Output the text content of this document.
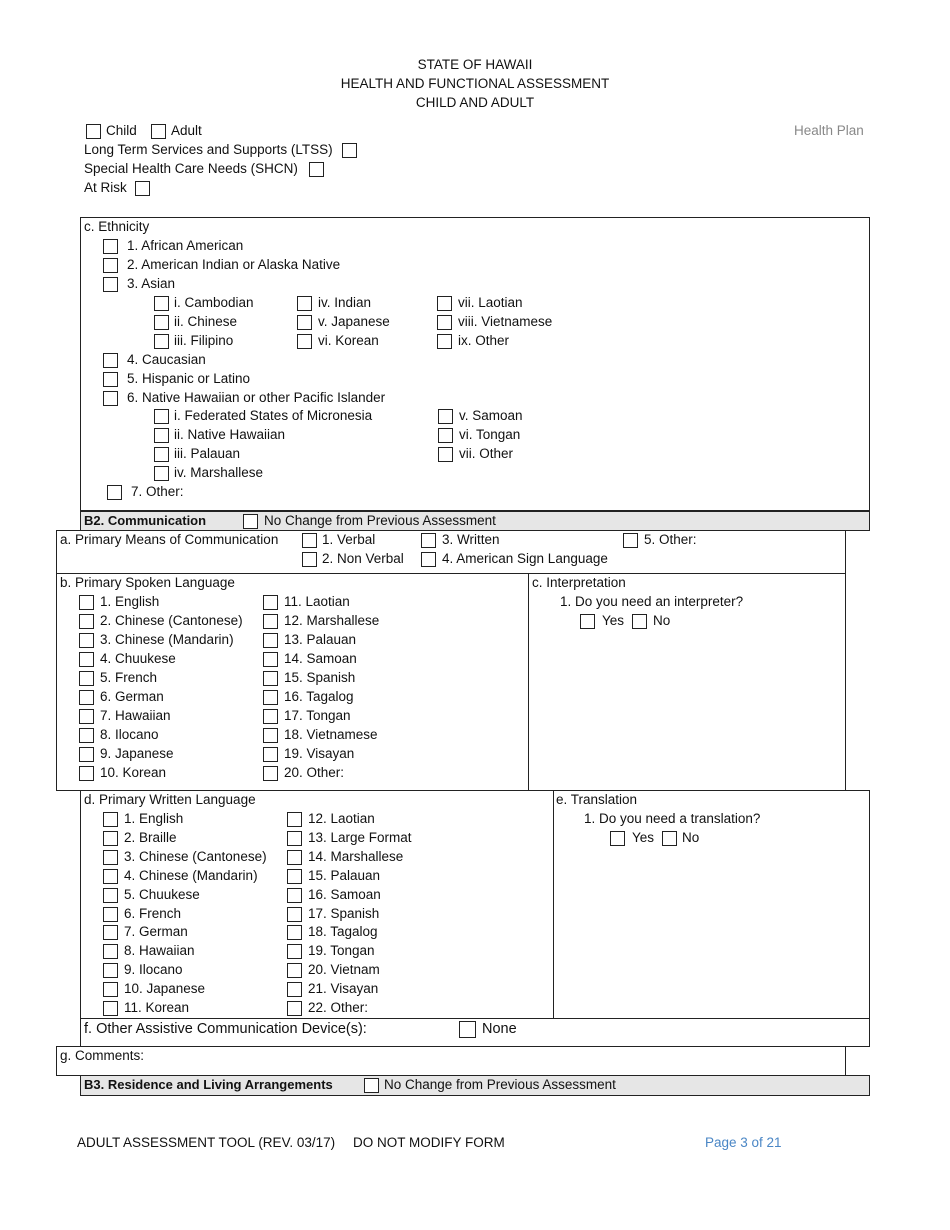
STATE OF HAWAII
HEALTH AND FUNCTIONAL ASSESSMENT
CHILD AND ADULT
Child	Adult	Health Plan
Long Term Services and Supports (LTSS)
Special Health Care Needs (SHCN)
At Risk
c. Ethnicity
1. African American
2. American Indian or Alaska Native
3. Asian
i. Cambodian
ii. Chinese
iii. Filipino
iv. Indian
v. Japanese
vi. Korean
vii. Laotian
viii. Vietnamese
ix. Other
4. Caucasian
5. Hispanic or Latino
6. Native Hawaiian or other Pacific Islander
i. Federated States of Micronesia
ii. Native Hawaiian
iii. Palauan
iv. Marshallese
v. Samoan
vi. Tongan
vii. Other
7. Other:
B2. Communication	No Change from Previous Assessment
a. Primary Means of Communication	1. Verbal	3. Written	5. Other:
2. Non Verbal	4. American Sign Language
b. Primary Spoken Language
1. English
2. Chinese (Cantonese)
3. Chinese (Mandarin)
4. Chuukese
5. French
6. German
7. Hawaiian
8. Ilocano
9. Japanese
10. Korean
11. Laotian
12. Marshallese
13. Palauan
14. Samoan
15. Spanish
16. Tagalog
17. Tongan
18. Vietnamese
19. Visayan
20. Other:
c. Interpretation
1. Do you need an interpreter?
Yes No
d. Primary Written Language
1. English
2. Braille
3. Chinese (Cantonese)
4. Chinese (Mandarin)
5. Chuukese
6. French
7. German
8. Hawaiian
9. Ilocano
10. Japanese
11. Korean
12. Laotian
13. Large Format
14. Marshallese
15. Palauan
16. Samoan
17. Spanish
18. Tagalog
19. Tongan
20. Vietnam
21. Visayan
22. Other:
e. Translation
1. Do you need a translation?
Yes No
f. Other Assistive Communication Device(s):	None
g. Comments:
B3. Residence and Living Arrangements	No Change from Previous Assessment
ADULT ASSESSMENT TOOL (REV. 03/17) DO NOT MODIFY FORM	Page 3 of 21
